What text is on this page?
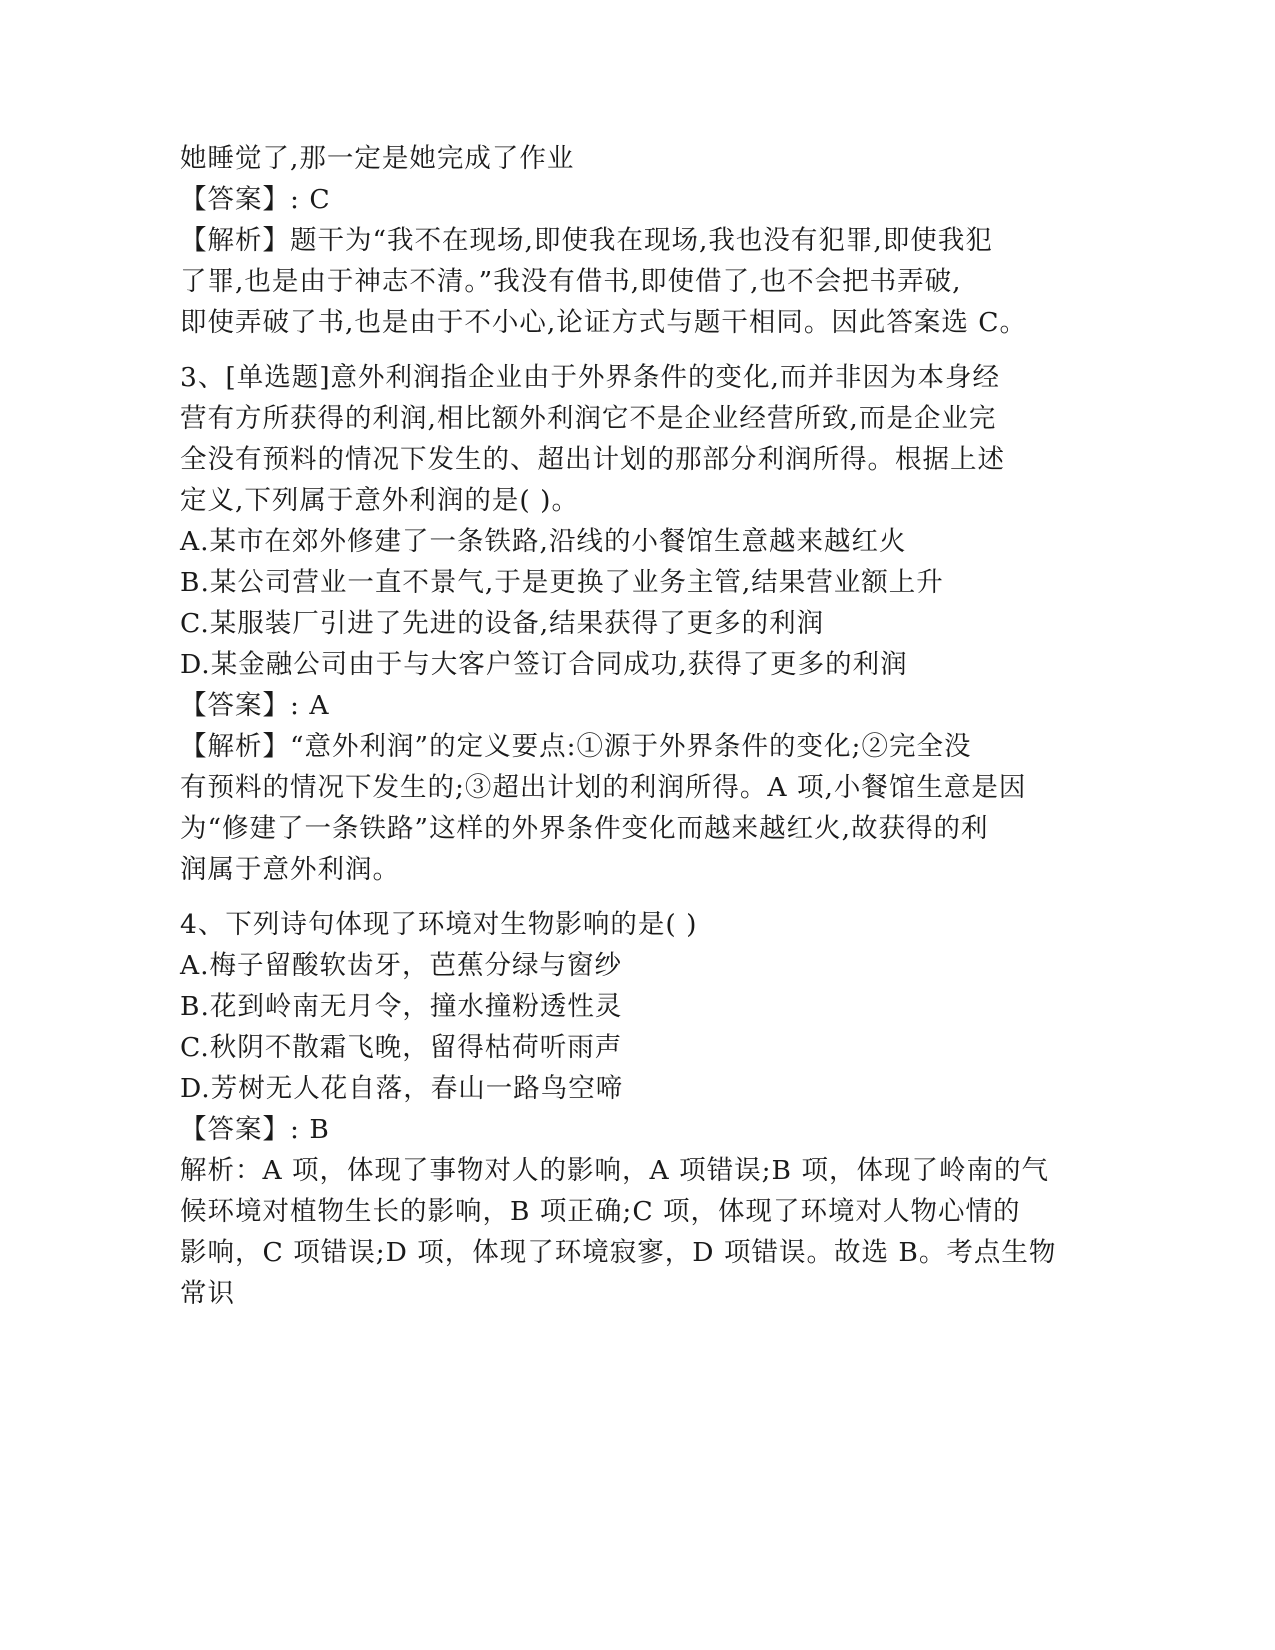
她睡觉了,那一定是她完成了作业
【答案】: C
【解析】题干为“我不在现场,即使我在现场,我也没有犯罪,即使我犯
了罪,也是由于神志不清。”我没有借书,即使借了,也不会把书弄破,
即使弄破了书,也是由于不小心,论证方式与题干相同。因此答案选 C。
3、[单选题]意外利润指企业由于外界条件的变化,而并非因为本身经
营有方所获得的利润,相比额外利润它不是企业经营所致,而是企业完
全没有预料的情况下发生的、超出计划的那部分利润所得。根据上述
定义,下列属于意外利润的是( )。
A.某市在郊外修建了一条铁路,沿线的小餐馆生意越来越红火
B.某公司营业一直不景气,于是更换了业务主管,结果营业额上升
C.某服装厂引进了先进的设备,结果获得了更多的利润
D.某金融公司由于与大客户签订合同成功,获得了更多的利润
【答案】: A
【解析】“意外利润”的定义要点:①源于外界条件的变化;②完全没
有预料的情况下发生的;③超出计划的利润所得。A 项,小餐馆生意是因
为“修建了一条铁路”这样的外界条件变化而越来越红火,故获得的利
润属于意外利润。
4、下列诗句体现了环境对生物影响的是( )
A.梅子留酸软齿牙，芭蕉分绿与窗纱
B.花到岭南无月令，撞水撞粉透性灵
C.秋阴不散霜飞晚，留得枯荷听雨声
D.芳树无人花自落，春山一路鸟空啼
【答案】: B
解析：A 项，体现了事物对人的影响，A 项错误;B 项，体现了岭南的气
候环境对植物生长的影响，B 项正确;C 项，体现了环境对人物心情的
影响，C 项错误;D 项，体现了环境寂寥，D 项错误。故选 B。考点生物
常识
